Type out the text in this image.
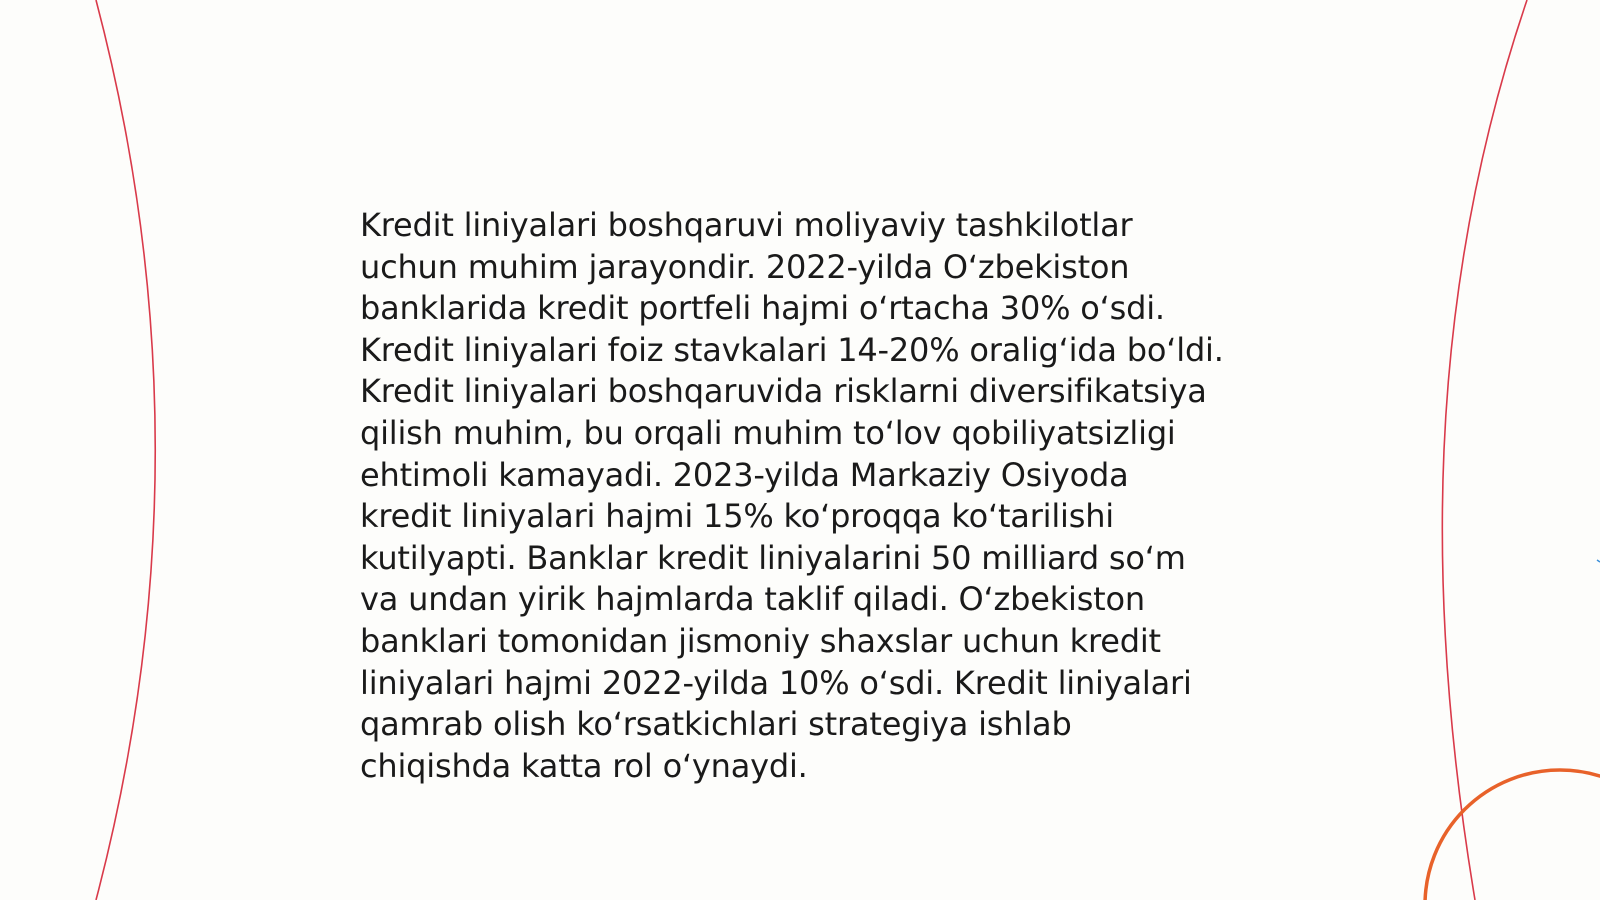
Kredit liniyalari boshqaruvi moliyaviy tashkilotlar
uchun muhim jarayondir. 2022-yilda O‘zbekiston
banklarida kredit portfeli hajmi o‘rtacha 30% o‘sdi.
Kredit liniyalari foiz stavkalari 14-20% oralig‘ida bo‘ldi.
Kredit liniyalari boshqaruvida risklarni diversifikatsiya
qilish muhim, bu orqali muhim to‘lov qobiliyatsizligi
ehtimoli kamayadi. 2023-yilda Markaziy Osiyoda
kredit liniyalari hajmi 15% ko‘proqqa ko‘tarilishi
kutilyapti. Banklar kredit liniyalarini 50 milliard so‘m
va undan yirik hajmlarda taklif qiladi. O‘zbekiston
banklari tomonidan jismoniy shaxslar uchun kredit
liniyalari hajmi 2022-yilda 10% o‘sdi. Kredit liniyalari
qamrab olish ko‘rsatkichlari strategiya ishlab
chiqishda katta rol o‘ynaydi.
